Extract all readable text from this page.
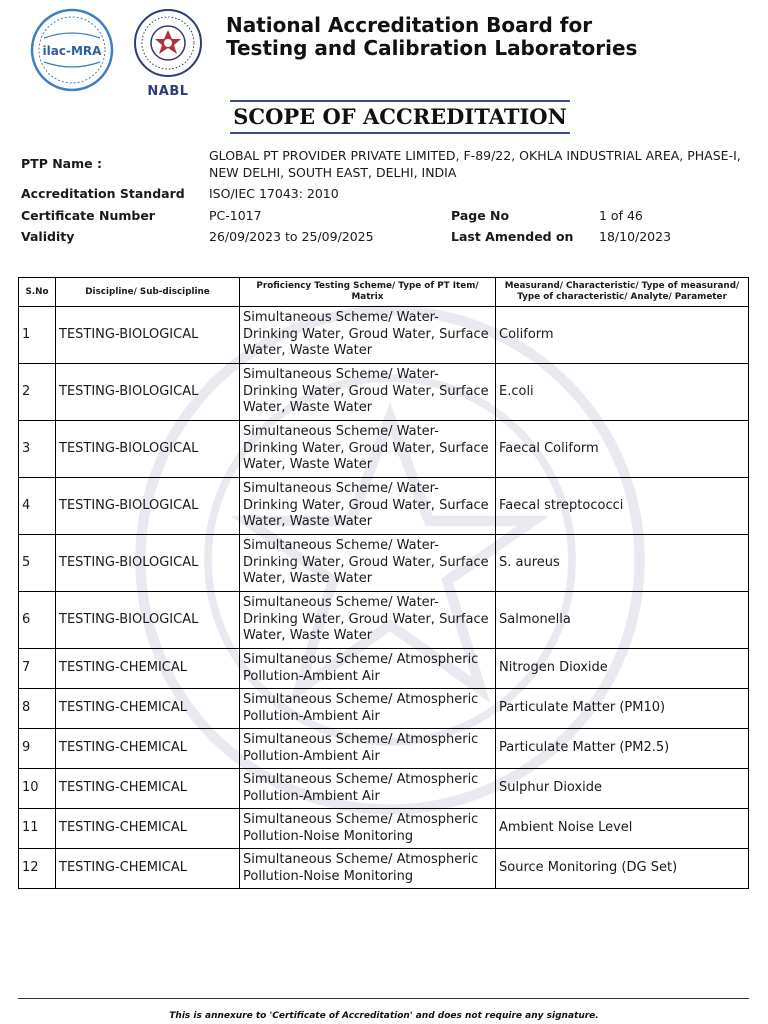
ilac-MRA
NABL
National Accreditation Board for
Testing and Calibration Laboratories
SCOPE OF ACCREDITATION
PTP Name :
GLOBAL PT PROVIDER PRIVATE LIMITED, F-89/22, OKHLA INDUSTRIAL AREA, PHASE-I, NEW DELHI, SOUTH EAST, DELHI, INDIA
Accreditation Standard ISO/IEC 17043: 2010
Certificate Number	PC-1017	Page No	1 of 46
Validity	26/09/2023 to 25/09/2025	Last Amended on 18/10/2023
S.No	Discipline/ Sub-discipline	Proficiency Testing Scheme/ Type of PT Item/ Matrix	Measurand/ Characteristic/ Type of measurand/ Type of characteristic/ Analyte/ Parameter
1	TESTING-BIOLOGICAL	Simultaneous Scheme/ Water-Drinking Water, Groud Water, Surface Water, Waste Water	Coliform
2	TESTING-BIOLOGICAL	Simultaneous Scheme/ Water-Drinking Water, Groud Water, Surface Water, Waste Water	E.coli
3	TESTING-BIOLOGICAL	Simultaneous Scheme/ Water-Drinking Water, Groud Water, Surface Water, Waste Water	Faecal Coliform
4	TESTING-BIOLOGICAL	Simultaneous Scheme/ Water-Drinking Water, Groud Water, Surface Water, Waste Water	Faecal streptococci
5	TESTING-BIOLOGICAL	Simultaneous Scheme/ Water-Drinking Water, Groud Water, Surface Water, Waste Water	S. aureus
6	TESTING-BIOLOGICAL	Simultaneous Scheme/ Water-Drinking Water, Groud Water, Surface Water, Waste Water	Salmonella
7	TESTING-CHEMICAL	Simultaneous Scheme/ Atmospheric Pollution-Ambient Air	Nitrogen Dioxide
8	TESTING-CHEMICAL	Simultaneous Scheme/ Atmospheric Pollution-Ambient Air	Particulate Matter (PM10)
9	TESTING-CHEMICAL	Simultaneous Scheme/ Atmospheric Pollution-Ambient Air	Particulate Matter (PM2.5)
10	TESTING-CHEMICAL	Simultaneous Scheme/ Atmospheric Pollution-Ambient Air	Sulphur Dioxide
11	TESTING-CHEMICAL	Simultaneous Scheme/ Atmospheric Pollution-Noise Monitoring	Ambient Noise Level
12	TESTING-CHEMICAL	Simultaneous Scheme/ Atmospheric Pollution-Noise Monitoring	Source Monitoring (DG Set)
This is annexure to 'Certificate of Accreditation' and does not require any signature.
